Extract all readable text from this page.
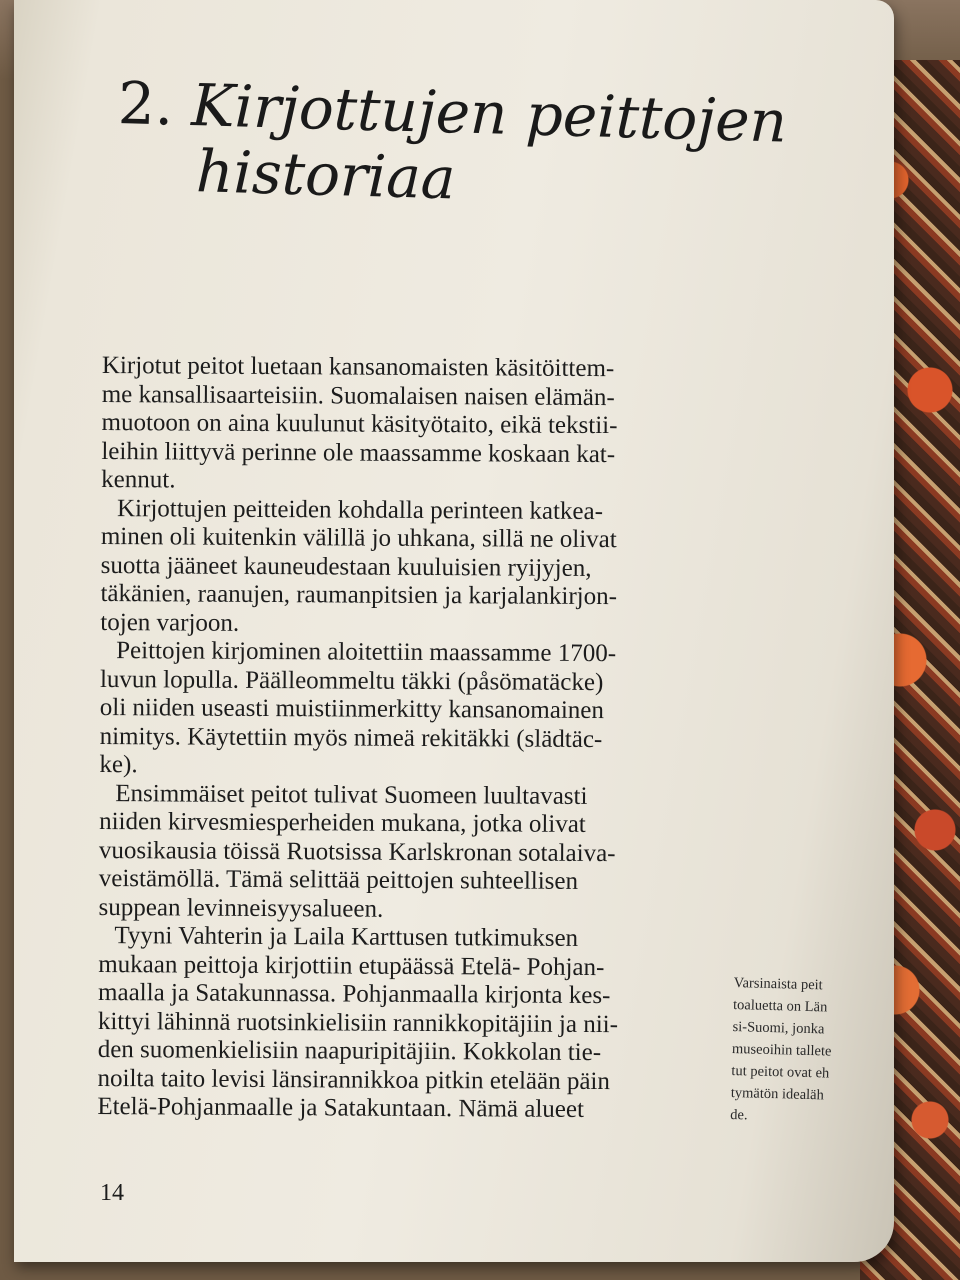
2. Kirjottujen peittojen
historiaa
Kirjotut peitot luetaan kansanomaisten käsitöittem-
me kansallisaarteisiin. Suomalaisen naisen elämän-
muotoon on aina kuulunut käsityötaito, eikä tekstii-
leihin liittyvä perinne ole maassamme koskaan kat-
kennut.
Kirjottujen peitteiden kohdalla perinteen katkea-
minen oli kuitenkin välillä jo uhkana, sillä ne olivat
suotta jääneet kauneudestaan kuuluisien ryijyjen,
täkänien, raanujen, raumanpitsien ja karjalankirjon-
tojen varjoon.
Peittojen kirjominen aloitettiin maassamme 1700-
luvun lopulla. Päälleommeltu täkki (påsömatäcke)
oli niiden useasti muistiinmerkitty kansanomainen
nimitys. Käytettiin myös nimeä rekitäkki (slädtäc-
ke).
Ensimmäiset peitot tulivat Suomeen luultavasti
niiden kirvesmiesperheiden mukana, jotka olivat
vuosikausia töissä Ruotsissa Karlskronan sotalaiva-
veistämöllä. Tämä selittää peittojen suhteellisen
suppean levinneisyysalueen.
Tyyni Vahterin ja Laila Karttusen tutkimuksen
mukaan peittoja kirjottiin etupäässä Etelä- Pohjan-
maalla ja Satakunnassa. Pohjanmaalla kirjonta kes-
kittyi lähinnä ruotsinkielisiin rannikkopitäjiin ja nii-
den suomenkielisiin naapuripitäjiin. Kokkolan tie-
noilta taito levisi länsirannikkoa pitkin etelään päin
Etelä-Pohjanmaalle ja Satakuntaan. Nämä alueet
Varsinaista peit
toaluetta on Län
si-Suomi, jonka
museoihin tallete
tut peitot ovat eh
tymätön idealäh
de.
14
